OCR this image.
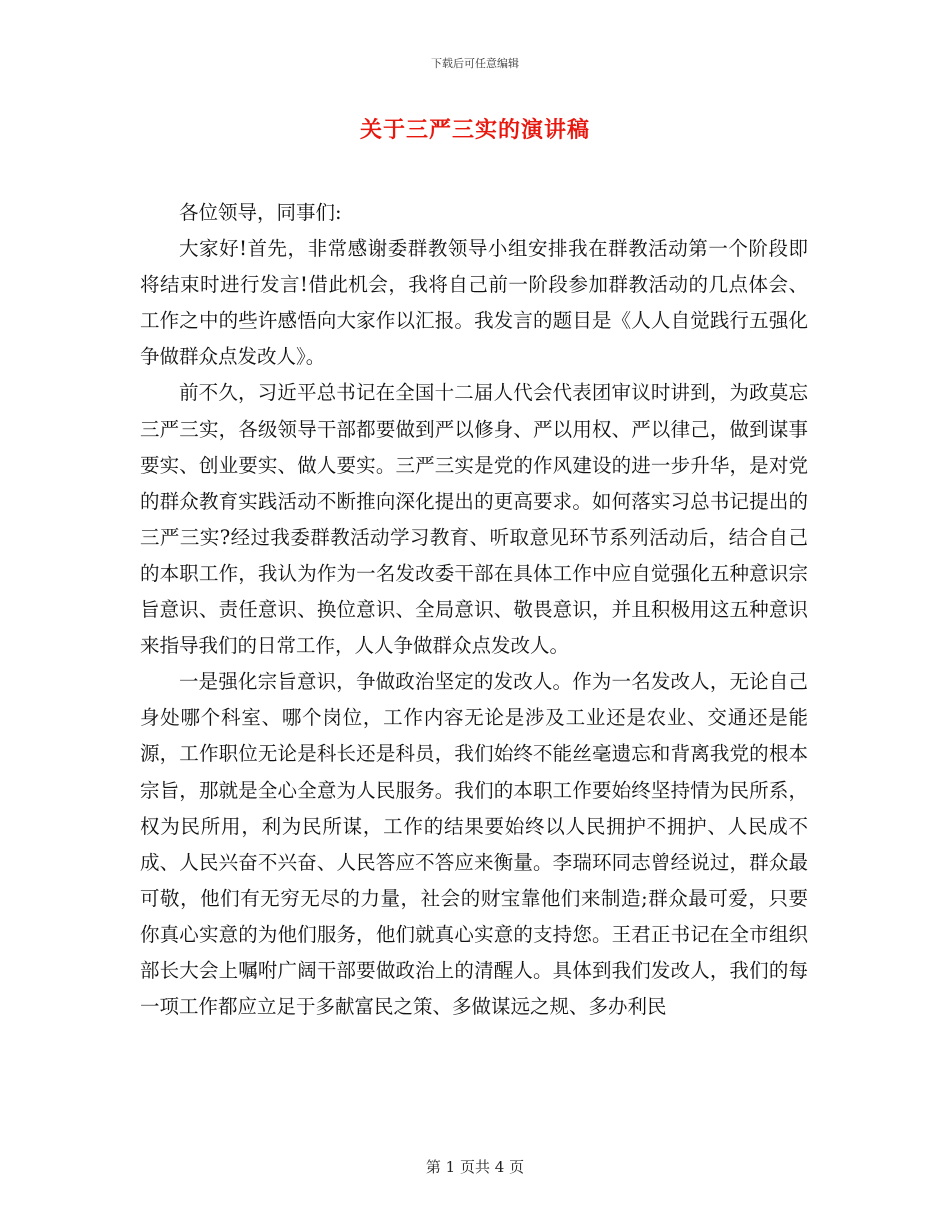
下载后可任意编辑
关于三严三实的演讲稿

各位领导，同事们:

大家好!首先，非常感谢委群教领导小组安排我在群教活动第一个阶段即将结束时进行发言!借此机会，我将自己前一阶段参加群教活动的几点体会、工作之中的些许感悟向大家作以汇报。我发言的题目是《人人自觉践行五强化争做群众点发改人》。

前不久，习近平总书记在全国十二届人代会代表团审议时讲到，为政莫忘三严三实，各级领导干部都要做到严以修身、严以用权、严以律己，做到谋事要实、创业要实、做人要实。三严三实是党的作风建设的进一步升华，是对党的群众教育实践活动不断推向深化提出的更高要求。如何落实习总书记提出的三严三实?经过我委群教活动学习教育、听取意见环节系列活动后，结合自己的本职工作，我认为作为一名发改委干部在具体工作中应自觉强化五种意识宗旨意识、责任意识、换位意识、全局意识、敬畏意识，并且积极用这五种意识来指导我们的日常工作，人人争做群众点发改人。

一是强化宗旨意识，争做政治坚定的发改人。作为一名发改人，无论自己身处哪个科室、哪个岗位，工作内容无论是涉及工业还是农业、交通还是能源，工作职位无论是科长还是科员，我们始终不能丝毫遗忘和背离我党的根本宗旨，那就是全心全意为人民服务。我们的本职工作要始终坚持情为民所系，权为民所用，利为民所谋，工作的结果要始终以人民拥护不拥护、人民成不成、人民兴奋不兴奋、人民答应不答应来衡量。李瑞环同志曾经说过，群众最可敬，他们有无穷无尽的力量，社会的财宝靠他们来制造;群众最可爱，只要你真心实意的为他们服务，他们就真心实意的支持您。王君正书记在全市组织部长大会上嘱咐广阔干部要做政治上的清醒人。具体到我们发改人，我们的每一项工作都应立足于多献富民之策、多做谋远之规、多办利民

第 1 页共 4 页
